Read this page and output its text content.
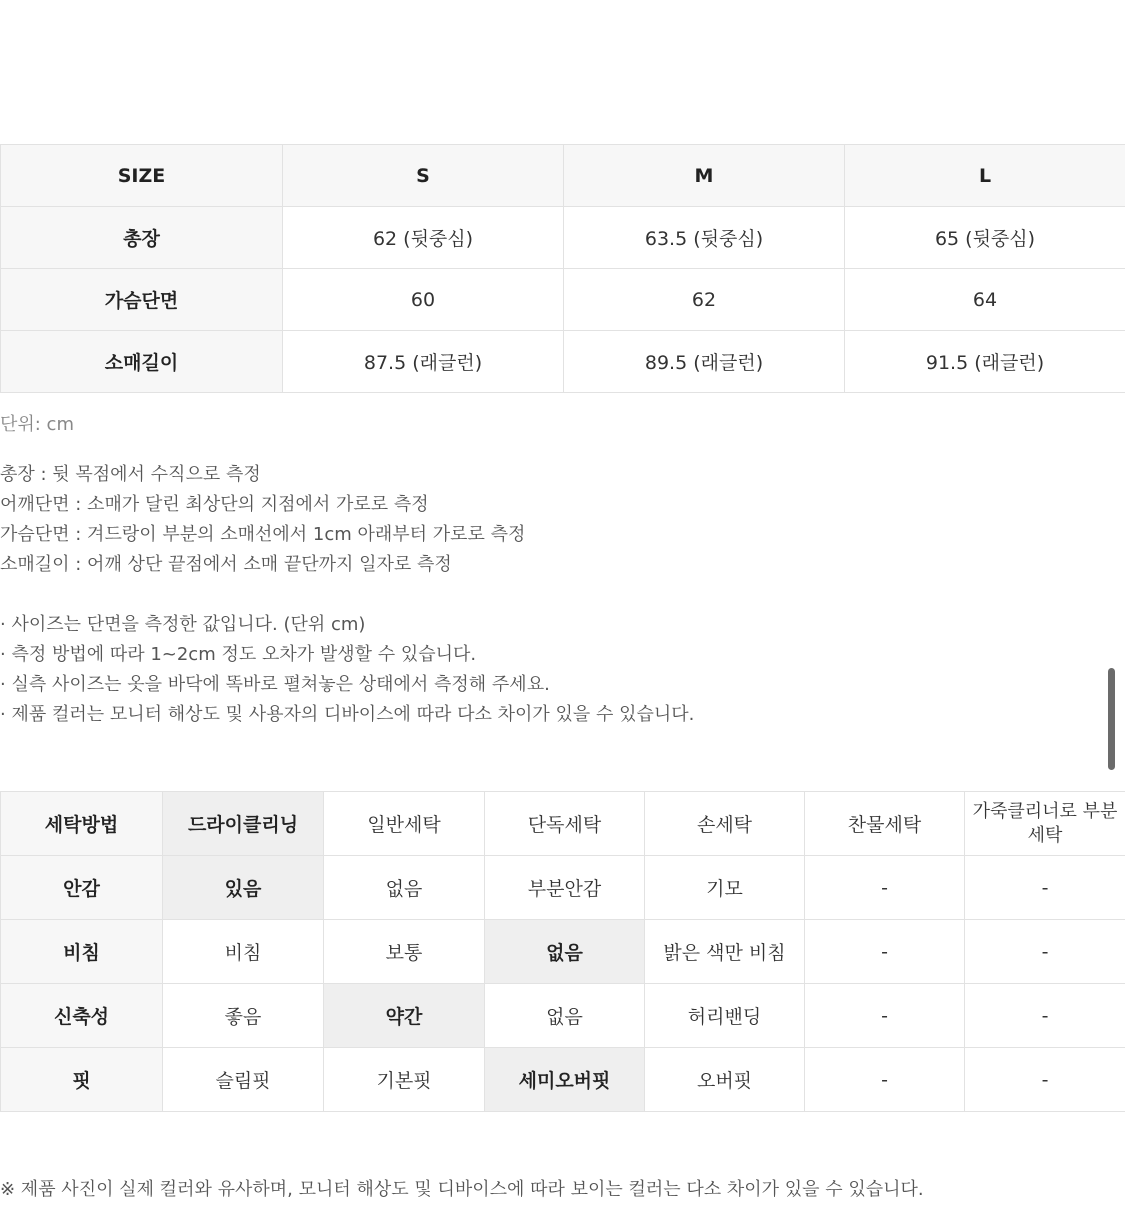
SIZE	S	M	L
총장	62 (뒷중심)	63.5 (뒷중심)	65 (뒷중심)
가슴단면	60	62	64
소매길이	87.5 (래글런)	89.5 (래글런)	91.5 (래글런)

단위: cm

총장 : 뒷 목점에서 수직으로 측정
어깨단면 : 소매가 달린 최상단의 지점에서 가로로 측정
가슴단면 : 겨드랑이 부분의 소매선에서 1cm 아래부터 가로로 측정
소매길이 : 어깨 상단 끝점에서 소매 끝단까지 일자로 측정
· 사이즈는 단면을 측정한 값입니다. (단위 cm)
· 측정 방법에 따라 1~2cm 정도 오차가 발생할 수 있습니다.
· 실측 사이즈는 옷을 바닥에 똑바로 펼쳐놓은 상태에서 측정해 주세요.
· 제품 컬러는 모니터 해상도 및 사용자의 디바이스에 따라 다소 차이가 있을 수 있습니다.
세탁방법	드라이클리닝	일반세탁	단독세탁	손세탁	찬물세탁	가죽클리너로 부분세탁
안감	있음	없음	부분안감	기모	-	-
비침	비침	보통	없음	밝은 색만 비침	-	-
신축성	좋음	약간	없음	허리밴딩	-	-
핏	슬림핏	기본핏	세미오버핏	오버핏	-	-

※ 제품 사진이 실제 컬러와 유사하며, 모니터 해상도 및 디바이스에 따라 보이는 컬러는 다소 차이가 있을 수 있습니다.
